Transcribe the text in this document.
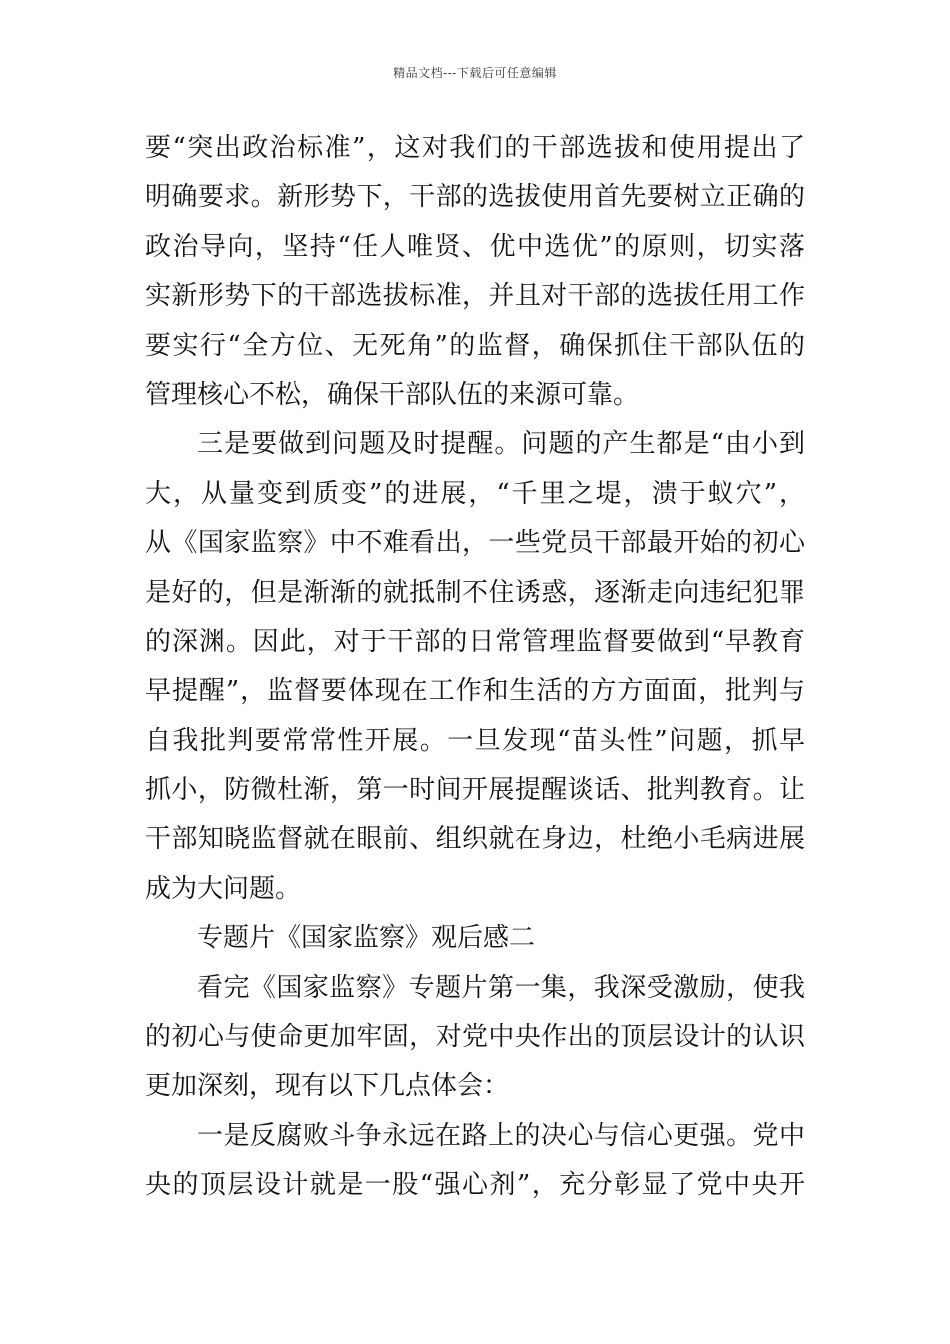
精品文档---下载后可任意编辑
要“突出政治标准”，这对我们的干部选拔和使用提出了
明确要求。新形势下，干部的选拔使用首先要树立正确的
政治导向，坚持“任人唯贤、优中选优”的原则，切实落
实新形势下的干部选拔标准，并且对干部的选拔任用工作
要实行“全方位、无死角”的监督，确保抓住干部队伍的
管理核心不松，确保干部队伍的来源可靠。
三是要做到问题及时提醒。问题的产生都是“由小到
大，从量变到质变”的进展，“千里之堤，溃于蚁穴”，
从《国家监察》中不难看出，一些党员干部最开始的初心
是好的，但是渐渐的就抵制不住诱惑，逐渐走向违纪犯罪
的深渊。因此，对于干部的日常管理监督要做到“早教育
早提醒”，监督要体现在工作和生活的方方面面，批判与
自我批判要常常性开展。一旦发现“苗头性”问题，抓早
抓小，防微杜渐，第一时间开展提醒谈话、批判教育。让
干部知晓监督就在眼前、组织就在身边，杜绝小毛病进展
成为大问题。
专题片《国家监察》观后感二
看完《国家监察》专题片第一集，我深受激励，使我
的初心与使命更加牢固，对党中央作出的顶层设计的认识
更加深刻，现有以下几点体会：
一是反腐败斗争永远在路上的决心与信心更强。党中
央的顶层设计就是一股“强心剂”，充分彰显了党中央开
